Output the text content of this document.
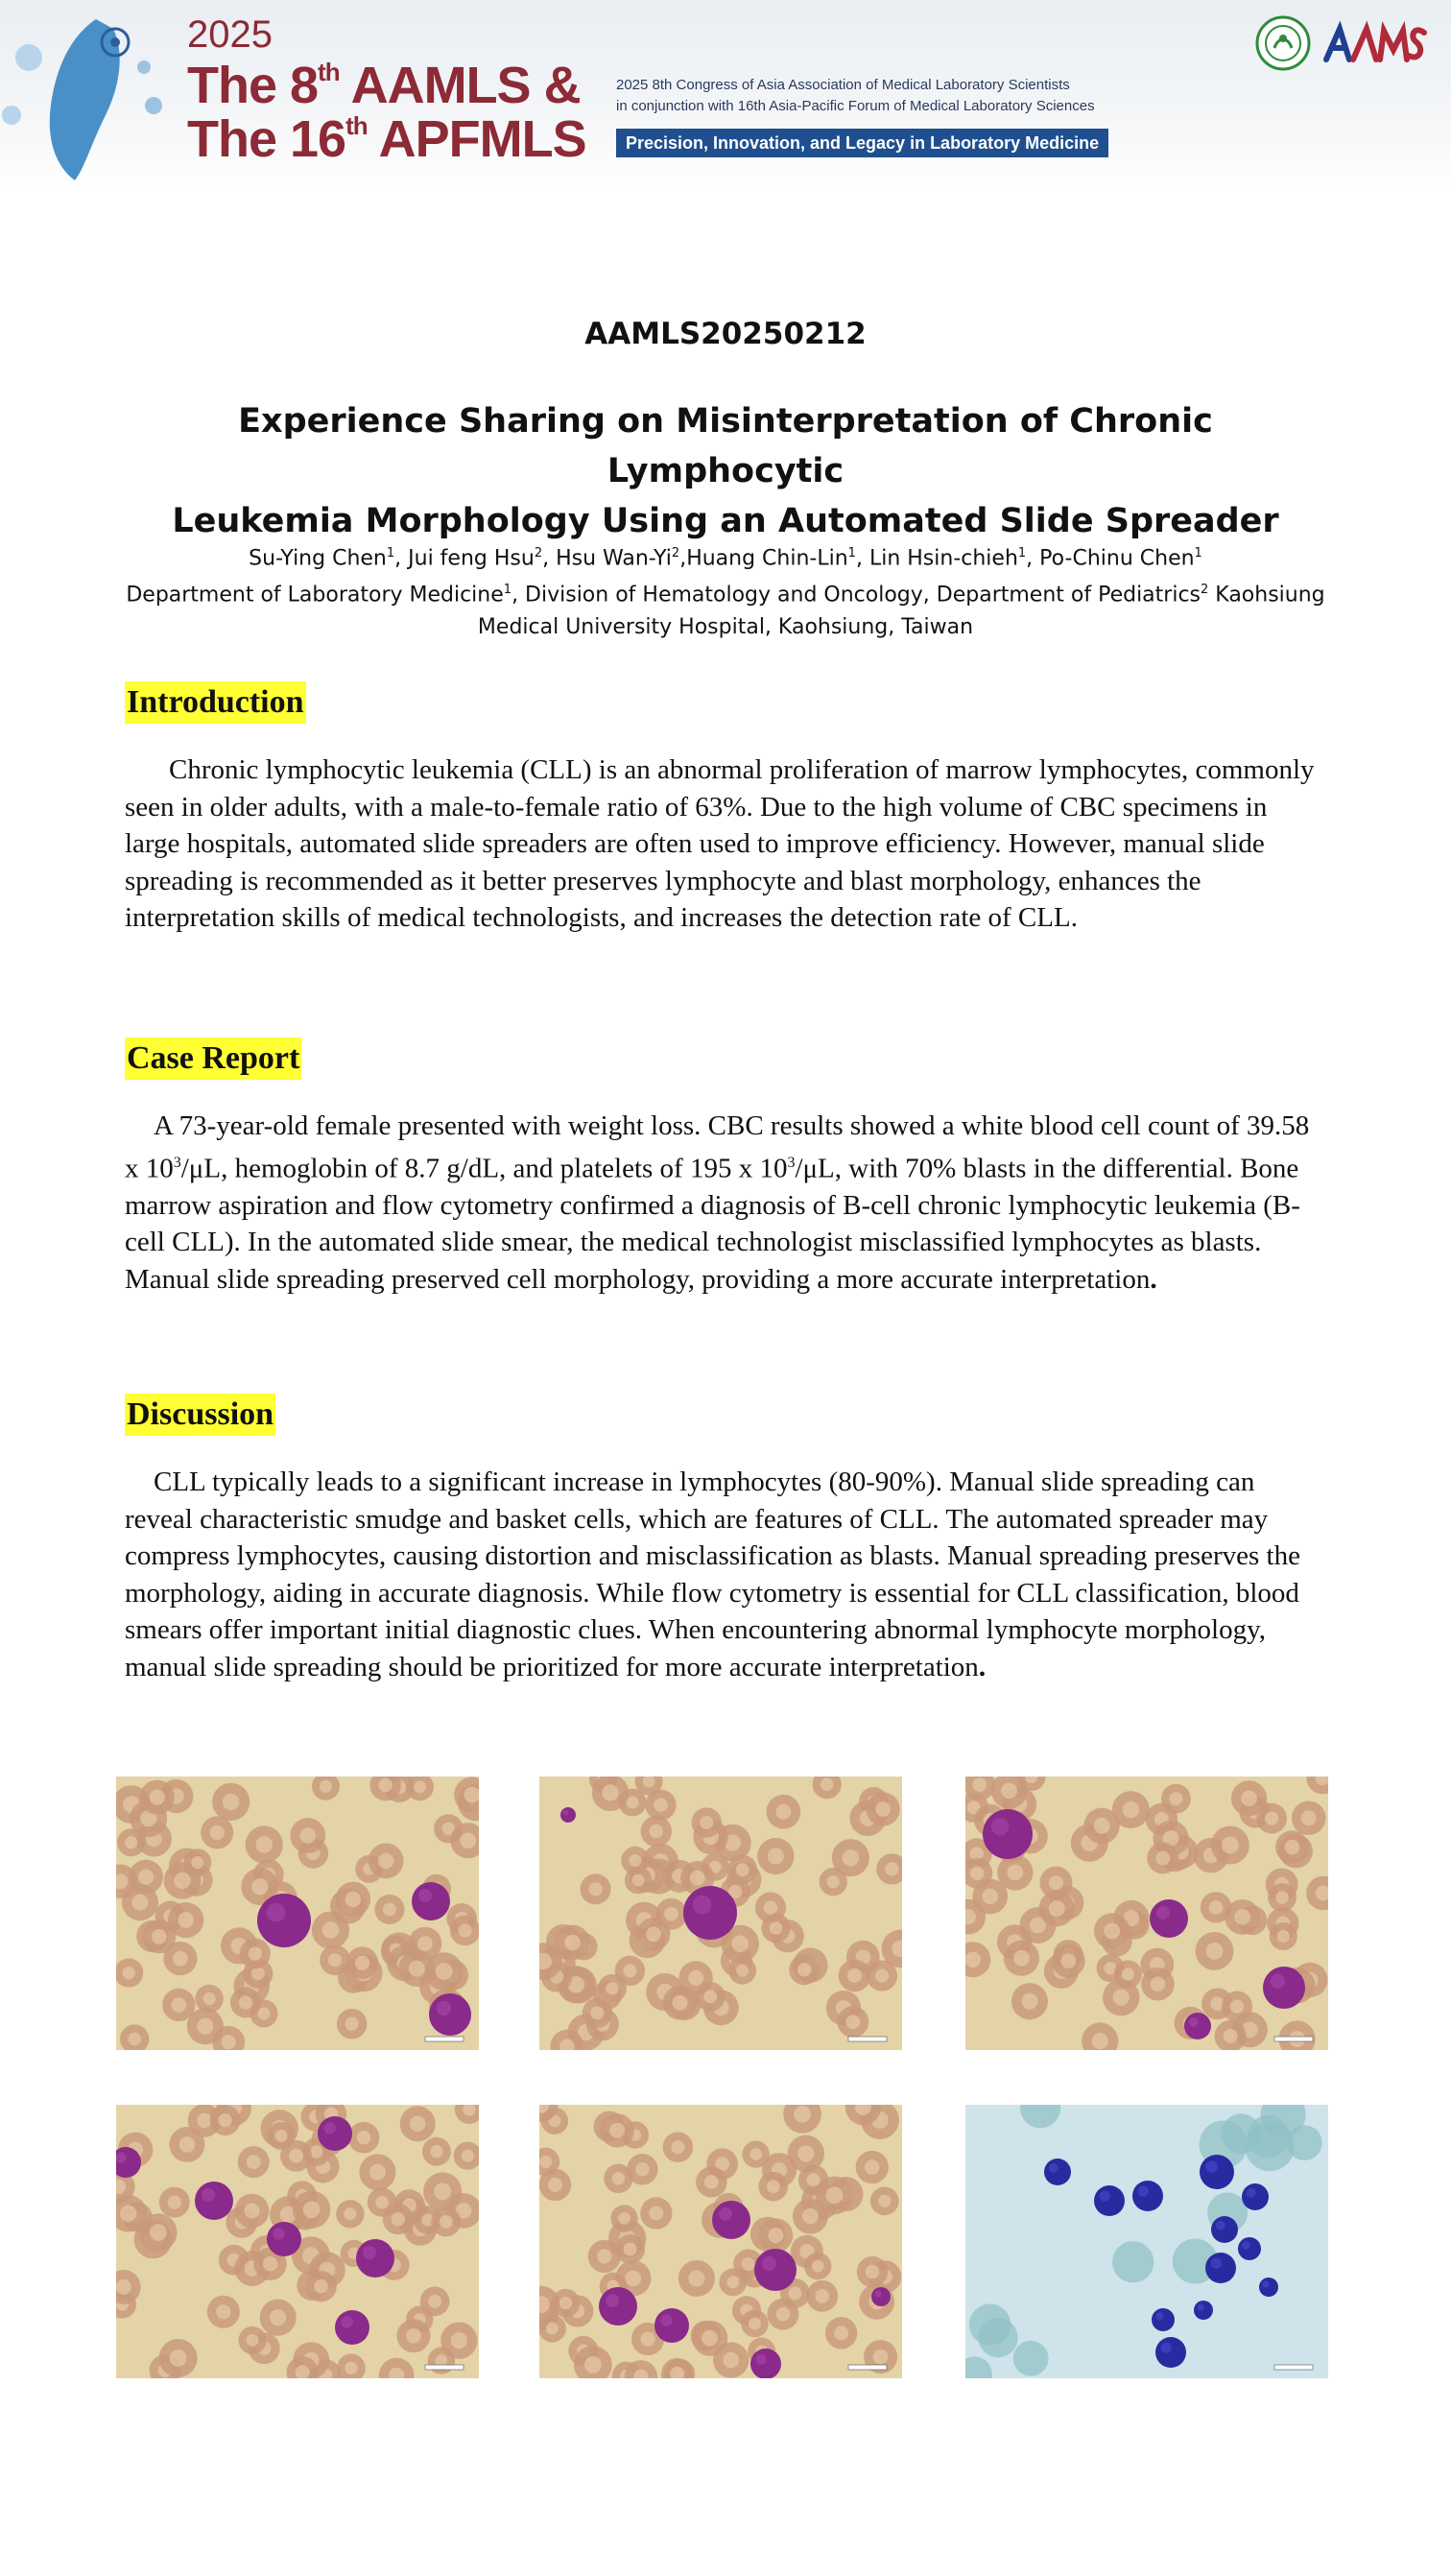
2025
The 8th AAMLS &
The 16th APFMLS
2025 8th Congress of Asia Association of Medical Laboratory Scientists
in conjunction with 16th Asia-Pacific Forum of Medical Laboratory Sciences
Precision, Innovation, and Legacy in Laboratory Medicine
AAMLS20250212
Experience Sharing on Misinterpretation of Chronic Lymphocytic
Leukemia Morphology Using an Automated Slide Spreader
Su-Ying Chen$^1$, Jui feng Hsu$^2$, Hsu Wan-Yi$^2$,Huang Chin-Lin$^1$, Lin Hsin-chieh$^1$, Po-Chinu Chen$^1$
Department of Laboratory Medicine$^1$, Division of Hematology and Oncology, Department of Pediatrics$^2$ Kaohsiung
Medical University Hospital, Kaohsiung, Taiwan
Introduction
Chronic lymphocytic leukemia (CLL) is an abnormal proliferation of marrow lymphocytes, commonly seen in older adults, with a male-to-female ratio of 63%. Due to the high volume of CBC specimens in large hospitals, automated slide spreaders are often used to improve efficiency. However, manual slide spreading is recommended as it better preserves lymphocyte and blast morphology, enhances the interpretation skills of medical technologists, and increases the detection rate of CLL.
Case Report
A 73-year-old female presented with weight loss. CBC results showed a white blood cell count of 39.58 x $10^3/\mu L$, hemoglobin of 8.7 g/dL, and platelets of 195 x $10^3/\mu L$, with 70% blasts in the differential. Bone marrow aspiration and flow cytometry confirmed a diagnosis of B-cell chronic lymphocytic leukemia (B-cell CLL). In the automated slide smear, the medical technologist misclassified lymphocytes as blasts. Manual slide spreading preserved cell morphology, providing a more accurate interpretation.
Discussion
CLL typically leads to a significant increase in lymphocytes (80-90%). Manual slide spreading can reveal characteristic smudge and basket cells, which are features of CLL. The automated spreader may compress lymphocytes, causing distortion and misclassification as blasts. Manual spreading preserves the morphology, aiding in accurate diagnosis. While flow cytometry is essential for CLL classification, blood smears offer important initial diagnostic clues. When encountering abnormal lymphocyte morphology, manual slide spreading should be prioritized for more accurate interpretation.
